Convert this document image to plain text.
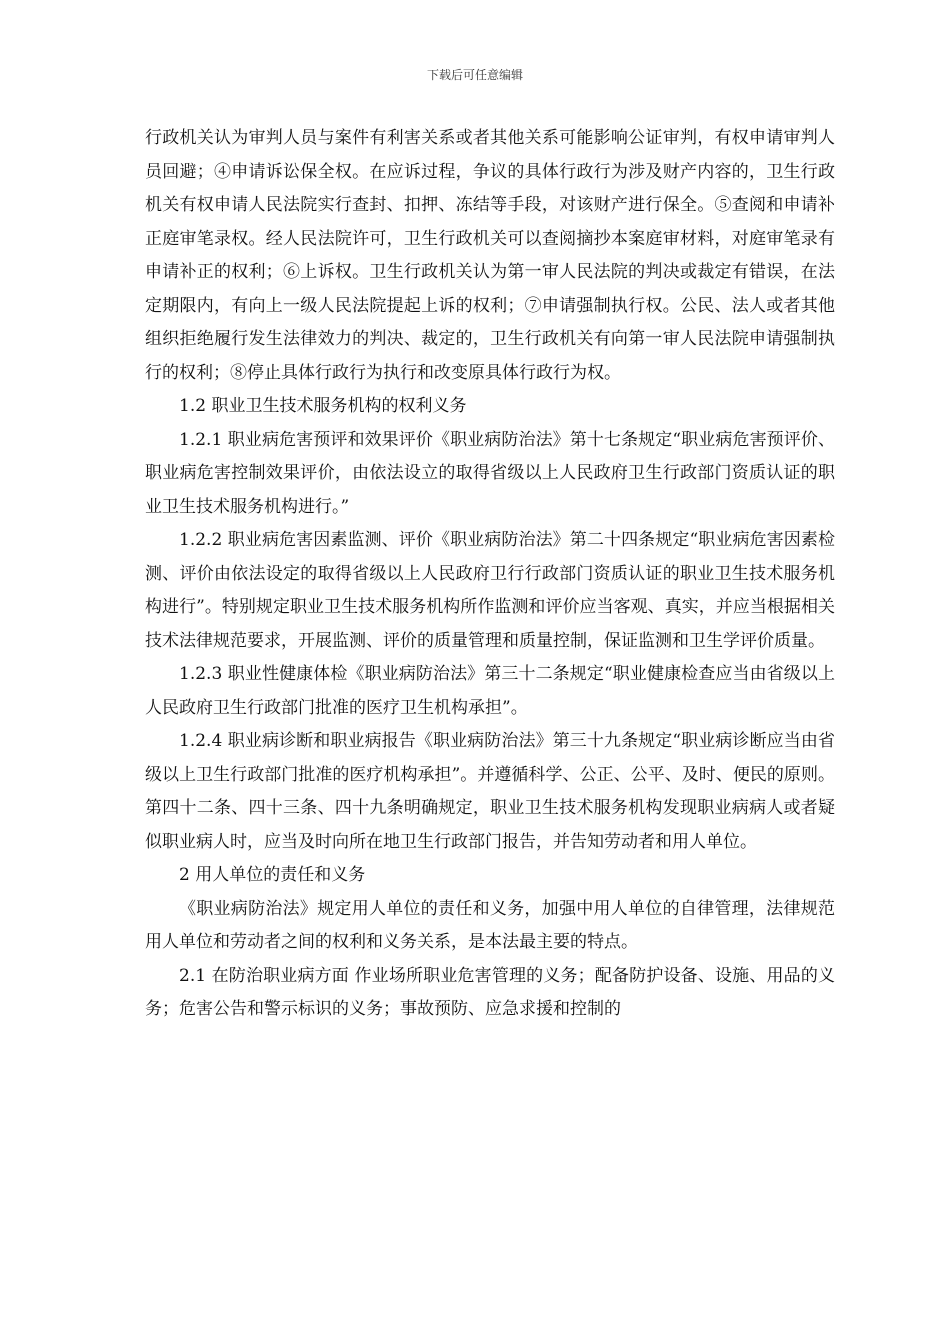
下载后可任意编辑

行政机关认为审判人员与案件有利害关系或者其他关系可能影响公证审判，有权申请审判人员回避；④申请诉讼保全权。在应诉过程，争议的具体行政行为涉及财产内容的，卫生行政机关有权申请人民法院实行查封、扣押、冻结等手段，对该财产进行保全。⑤查阅和申请补正庭审笔录权。经人民法院许可，卫生行政机关可以查阅摘抄本案庭审材料，对庭审笔录有申请补正的权利；⑥上诉权。卫生行政机关认为第一审人民法院的判决或裁定有错误，在法定期限内，有向上一级人民法院提起上诉的权利；⑦申请强制执行权。公民、法人或者其他组织拒绝履行发生法律效力的判决、裁定的，卫生行政机关有向第一审人民法院申请强制执行的权利；⑧停止具体行政行为执行和改变原具体行政行为权。

1.2 职业卫生技术服务机构的权利义务

1.2.1 职业病危害预评和效果评价《职业病防治法》第十七条规定“职业病危害预评价、职业病危害控制效果评价，由依法设立的取得省级以上人民政府卫生行政部门资质认证的职业卫生技术服务机构进行。”

1.2.2 职业病危害因素监测、评价《职业病防治法》第二十四条规定“职业病危害因素检测、评价由依法设定的取得省级以上人民政府卫行行政部门资质认证的职业卫生技术服务机构进行”。特别规定职业卫生技术服务机构所作监测和评价应当客观、真实，并应当根据相关技术法律规范要求，开展监测、评价的质量管理和质量控制，保证监测和卫生学评价质量。

1.2.3 职业性健康体检《职业病防治法》第三十二条规定“职业健康检查应当由省级以上人民政府卫生行政部门批准的医疗卫生机构承担”。

1.2.4 职业病诊断和职业病报告《职业病防治法》第三十九条规定“职业病诊断应当由省级以上卫生行政部门批准的医疗机构承担”。并遵循科学、公正、公平、及时、便民的原则。第四十二条、四十三条、四十九条明确规定，职业卫生技术服务机构发现职业病病人或者疑似职业病人时，应当及时向所在地卫生行政部门报告，并告知劳动者和用人单位。

2 用人单位的责任和义务

《职业病防治法》规定用人单位的责任和义务，加强中用人单位的自律管理，法律规范用人单位和劳动者之间的权利和义务关系，是本法最主要的特点。

2.1 在防治职业病方面 作业场所职业危害管理的义务；配备防护设备、设施、用品的义务；危害公告和警示标识的义务；事故预防、应急求援和控制的
